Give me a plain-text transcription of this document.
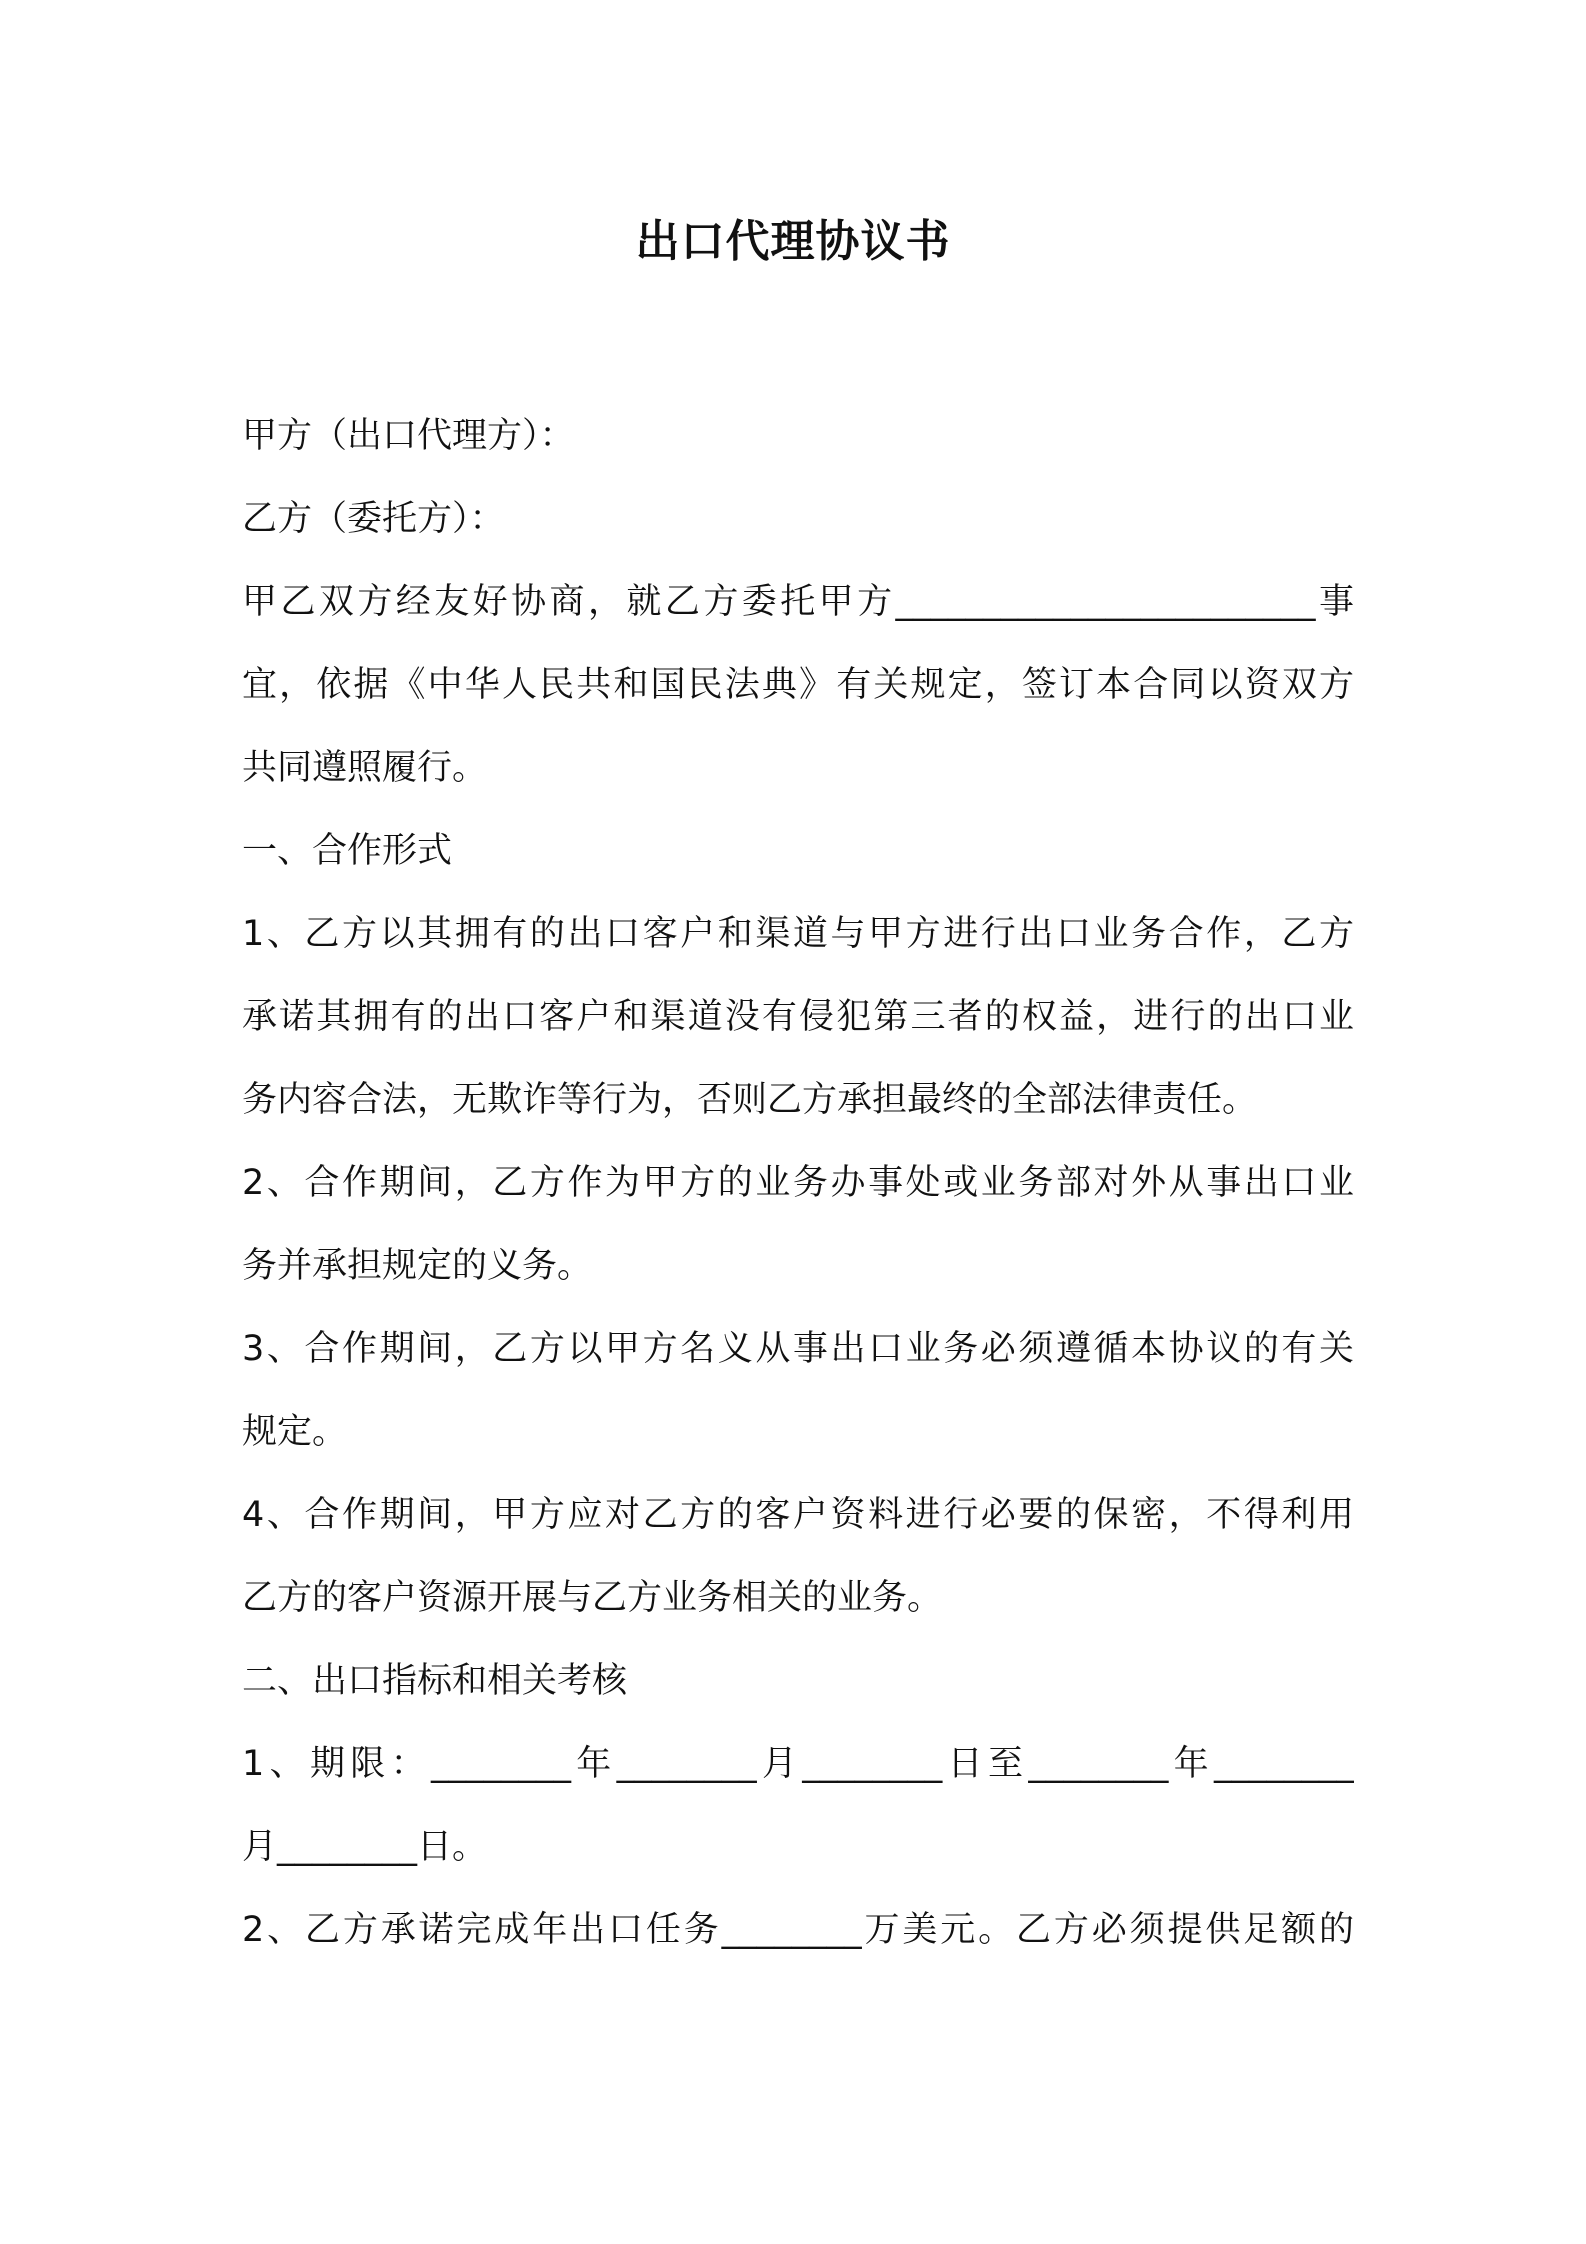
出口代理协议书
甲方（出口代理方）：
乙方（委托方）：
甲乙双方经友好协商，就乙方委托甲方________________________事
宜，依据《中华人民共和国民法典》有关规定，签订本合同以资双方
共同遵照履行。
一、合作形式
1、乙方以其拥有的出口客户和渠道与甲方进行出口业务合作，乙方
承诺其拥有的出口客户和渠道没有侵犯第三者的权益，进行的出口业
务内容合法，无欺诈等行为，否则乙方承担最终的全部法律责任。
2、合作期间，乙方作为甲方的业务办事处或业务部对外从事出口业
务并承担规定的义务。
3、合作期间，乙方以甲方名义从事出口业务必须遵循本协议的有关
规定。
4、合作期间，甲方应对乙方的客户资料进行必要的保密，不得利用
乙方的客户资源开展与乙方业务相关的业务。
二、出口指标和相关考核
1、期限：________年________月________日至________年________
月________日。
2、乙方承诺完成年出口任务________万美元。乙方必须提供足额的
